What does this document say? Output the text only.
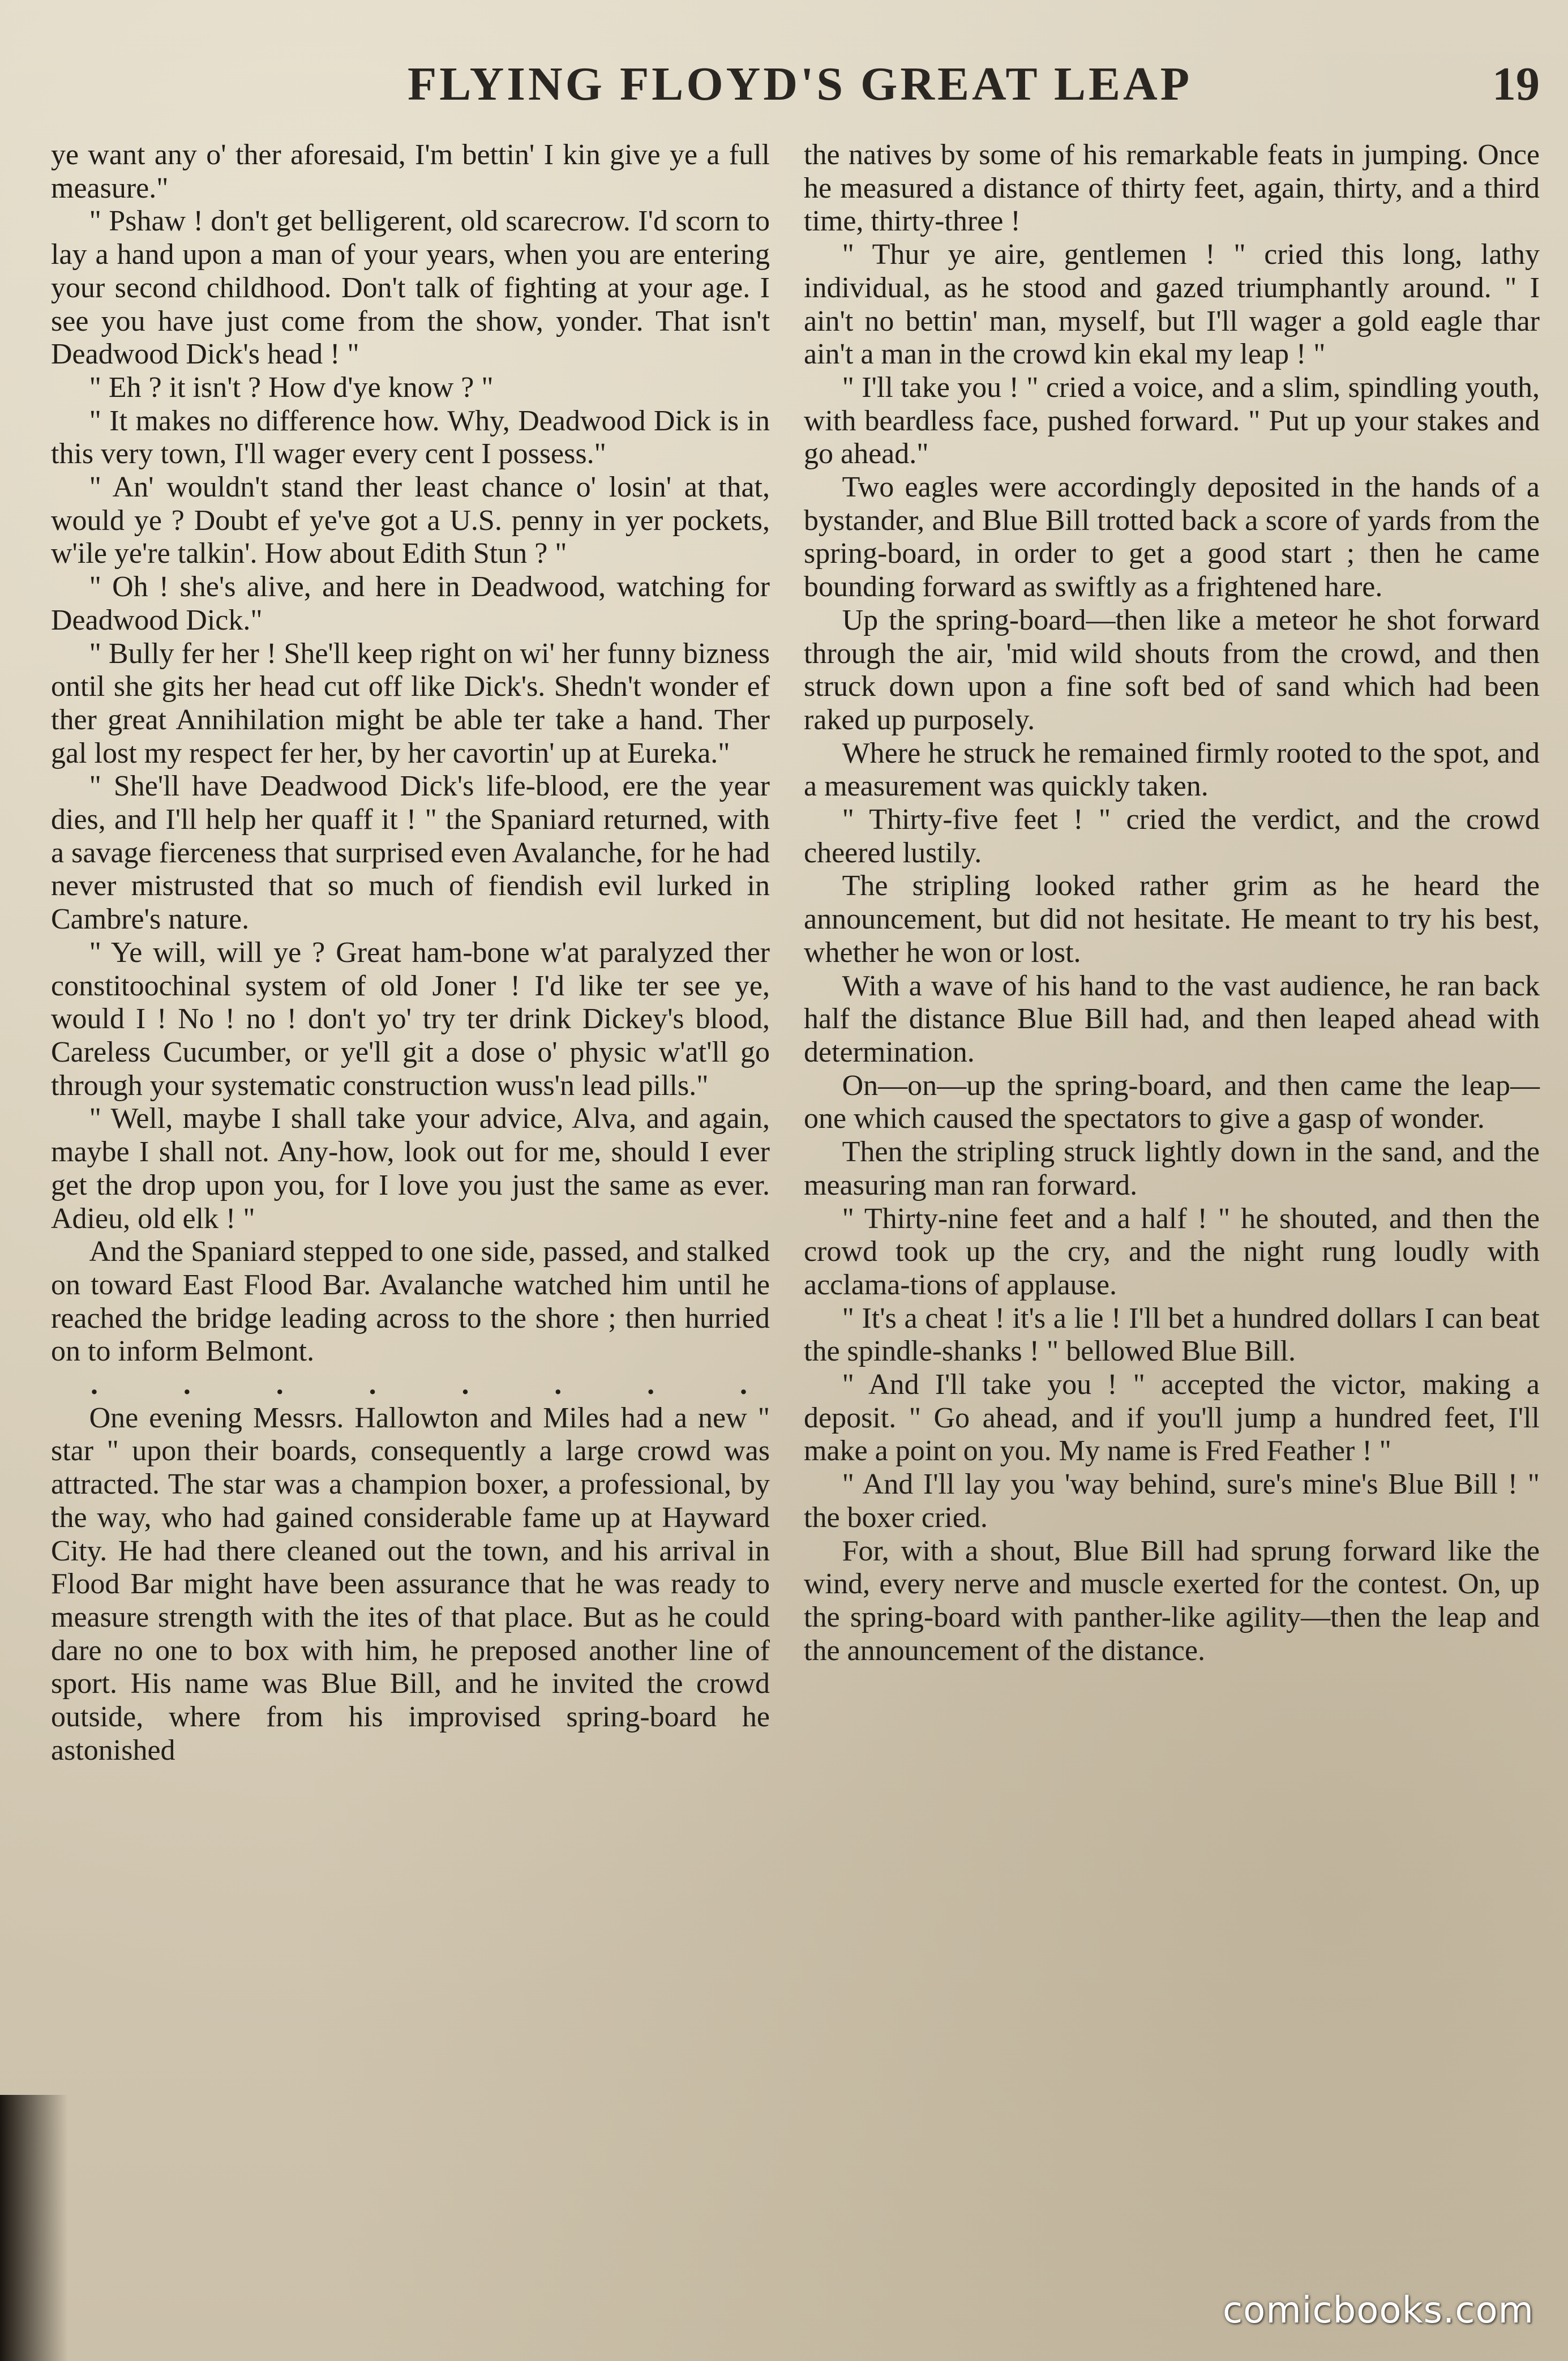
FLYING FLOYD'S GREAT LEAP	19

ye want any o' ther aforesaid, I'm bettin' I kin give ye a full measure."

" Pshaw ! don't get belligerent, old scarecrow. I'd scorn to lay a hand upon a man of your years, when you are entering your second childhood. Don't talk of fighting at your age. I see you have just come from the show, yonder. That isn't Deadwood Dick's head ! "

" Eh ? it isn't ? How d'ye know ? "

" It makes no difference how. Why, Deadwood Dick is in this very town, I'll wager every cent I possess."

" An' wouldn't stand ther least chance o' losin' at that, would ye ? Doubt ef ye've got a U.S. penny in yer pockets, w'ile ye're talkin'. How about Edith Stun ? "

" Oh ! she's alive, and here in Deadwood, watching for Deadwood Dick."

" Bully fer her ! She'll keep right on wi' her funny bizness ontil she gits her head cut off like Dick's. Shedn't wonder ef ther great Annihilation might be able ter take a hand. Ther gal lost my respect fer her, by her cavortin' up at Eureka."

" She'll have Deadwood Dick's life-blood, ere the year dies, and I'll help her quaff it ! " the Spaniard returned, with a savage fierceness that surprised even Avalanche, for he had never mistrusted that so much of fiendish evil lurked in Cambre's nature.

" Ye will, will ye ? Great ham-bone w'at paralyzed ther constitoochinal system of old Joner ! I'd like ter see ye, would I ! No ! no ! don't yo' try ter drink Dickey's blood, Careless Cucumber, or ye'll git a dose o' physic w'at'll go through your systematic construction wuss'n lead pills."

" Well, maybe I shall take your advice, Alva, and again, maybe I shall not. Any-how, look out for me, should I ever get the drop upon you, for I love you just the same as ever. Adieu, old elk ! "

And the Spaniard stepped to one side, passed, and stalked on toward East Flood Bar. Avalanche watched him until he reached the bridge leading across to the shore ; then hurried on to inform Belmont.

.	.	.	.	.	.	.	.

One evening Messrs. Hallowton and Miles had a new " star " upon their boards, consequently a large crowd was attracted. The star was a champion boxer, a professional, by the way, who had gained considerable fame up at Hayward City. He had there cleaned out the town, and his arrival in Flood Bar might have been assurance that he was ready to measure strength with the ites of that place. But as he could dare no one to box with him, he preposed another line of sport. His name was Blue Bill, and he invited the crowd outside, where from his improvised spring-board he astonished

the natives by some of his remarkable feats in jumping. Once he measured a distance of thirty feet, again, thirty, and a third time, thirty-three !

" Thur ye aire, gentlemen ! " cried this long, lathy individual, as he stood and gazed triumphantly around. " I ain't no bettin' man, myself, but I'll wager a gold eagle thar ain't a man in the crowd kin ekal my leap ! "

" I'll take you ! " cried a voice, and a slim, spindling youth, with beardless face, pushed forward. " Put up your stakes and go ahead."

Two eagles were accordingly deposited in the hands of a bystander, and Blue Bill trotted back a score of yards from the spring-board, in order to get a good start ; then he came bounding forward as swiftly as a frightened hare.

Up the spring-board—then like a meteor he shot forward through the air, 'mid wild shouts from the crowd, and then struck down upon a fine soft bed of sand which had been raked up purposely.

Where he struck he remained firmly rooted to the spot, and a measurement was quickly taken.

" Thirty-five feet ! " cried the verdict, and the crowd cheered lustily.

The stripling looked rather grim as he heard the announcement, but did not hesitate. He meant to try his best, whether he won or lost.

With a wave of his hand to the vast audience, he ran back half the distance Blue Bill had, and then leaped ahead with determination.

On—on—up the spring-board, and then came the leap—one which caused the spectators to give a gasp of wonder.

Then the stripling struck lightly down in the sand, and the measuring man ran forward.

" Thirty-nine feet and a half ! " he shouted, and then the crowd took up the cry, and the night rung loudly with acclama-tions of applause.

" It's a cheat ! it's a lie ! I'll bet a hundred dollars I can beat the spindle-shanks ! " bellowed Blue Bill.

" And I'll take you ! " accepted the victor, making a deposit. " Go ahead, and if you'll jump a hundred feet, I'll make a point on you. My name is Fred Feather ! "

" And I'll lay you 'way behind, sure's mine's Blue Bill ! " the boxer cried.

For, with a shout, Blue Bill had sprung forward like the wind, every nerve and muscle exerted for the contest. On, up the spring-board with panther-like agility—then the leap and the announcement of the distance.

comicbooks.com
